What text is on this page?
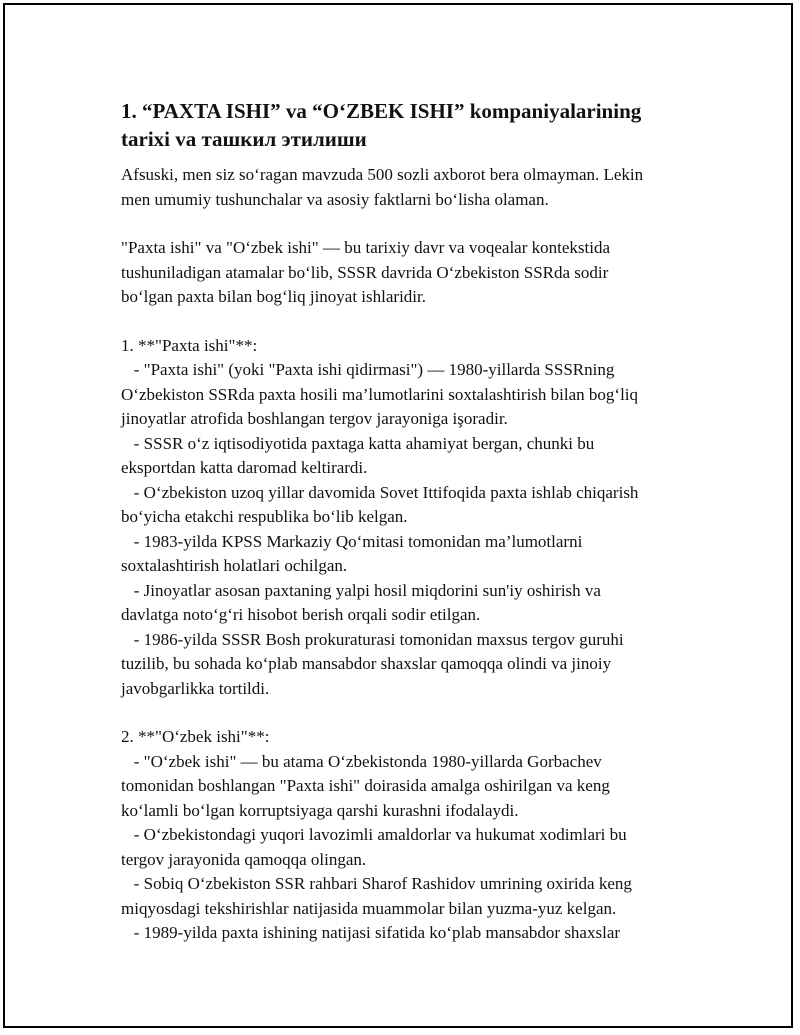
1. “PAXTA ISHI” va “O‘ZBEK ISHI” kompaniyalarining
tarixi va ташкил этилиши

Afsuski, men siz so‘ragan mavzuda 500 sozli axborot bera olmayman. Lekin
men umumiy tushunchalar va asosiy faktlarni bo‘lisha olaman.

"Paxta ishi" va "O‘zbek ishi" — bu tarixiy davr va voqealar kontekstida
tushuniladigan atamalar bo‘lib, SSSR davrida O‘zbekiston SSRda sodir
bo‘lgan paxta bilan bog‘liq jinoyat ishlaridir.

1. **"Paxta ishi"**:

- "Paxta ishi" (yoki "Paxta ishi qidirmasi") — 1980-yillarda SSSRning
O‘zbekiston SSRda paxta hosili ma’lumotlarini soxtalashtirish bilan bog‘liq
jinoyatlar atrofida boshlangan tergov jarayoniga işoradir.

- SSSR o‘z iqtisodiyotida paxtaga katta ahamiyat bergan, chunki bu
eksportdan katta daromad keltirardi.

- O‘zbekiston uzoq yillar davomida Sovet Ittifoqida paxta ishlab chiqarish
bo‘yicha etakchi respublika bo‘lib kelgan.

- 1983-yilda KPSS Markaziy Qo‘mitasi tomonidan ma’lumotlarni
soxtalashtirish holatlari ochilgan.

- Jinoyatlar asosan paxtaning yalpi hosil miqdorini sun'iy oshirish va
davlatga noto‘g‘ri hisobot berish orqali sodir etilgan.

- 1986-yilda SSSR Bosh prokuraturasi tomonidan maxsus tergov guruhi
tuzilib, bu sohada ko‘plab mansabdor shaxslar qamoqqa olindi va jinoiy
javobgarlikka tortildi.

2. **"O‘zbek ishi"**:

- "O‘zbek ishi" — bu atama O‘zbekistonda 1980-yillarda Gorbachev
tomonidan boshlangan "Paxta ishi" doirasida amalga oshirilgan va keng
ko‘lamli bo‘lgan korruptsiyaga qarshi kurashni ifodalaydi.

- O‘zbekistondagi yuqori lavozimli amaldorlar va hukumat xodimlari bu
tergov jarayonida qamoqqa olingan.

- Sobiq O‘zbekiston SSR rahbari Sharof Rashidov umrining oxirida keng
miqyosdagi tekshirishlar natijasida muammolar bilan yuzma-yuz kelgan.

- 1989-yilda paxta ishining natijasi sifatida ko‘plab mansabdor shaxslar
